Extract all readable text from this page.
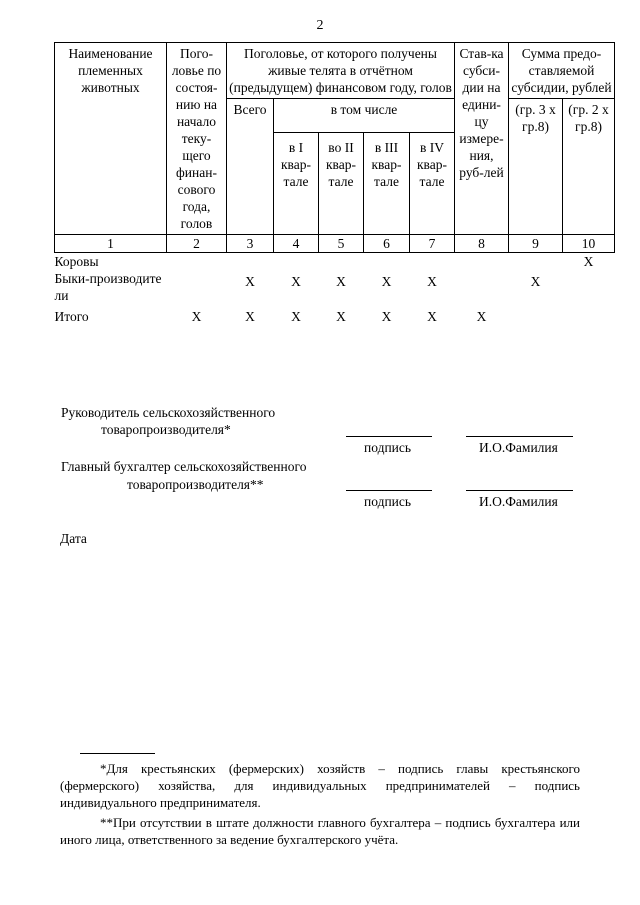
2
Наименование племенных животных	Пого-ловье по состоя-нию на начало теку-щего финан-сового года, голов	Поголовье, от которого получены живые телята в отчётном (предыдущем) финансовом году, голов					Став-ка субси-дии на едини-цу измере-ния, руб-лей	Сумма предо-ставляемой субсидии, рублей	
		Всего	в том числе					(гр. 3 х гр.8)	(гр. 2 х гр.8)
			в I квар-тале	во II квар-тале	в III квар-тале	в IV квар-тале			
1	2	3	4	5	6	7	8	9	10
Коровы									X
Быки-производители		X	X	X	X	X		X	
Итого	X	X	X	X	X	X	X		
Руководитель сельскохозяйственного
товаропроизводителя*
подпись	И.О.Фамилия
Главный бухгалтер сельскохозяйственного
товаропроизводителя**
подпись	И.О.Фамилия
Дата
*Для крестьянских (фермерских) хозяйств – подпись главы крестьянского (фермерского) хозяйства, для индивидуальных предпринимателей – подпись индивидуального предпринимателя.
**При отсутствии в штате должности главного бухгалтера – подпись бухгалтера или иного лица, ответственного за ведение бухгалтерского учёта.
